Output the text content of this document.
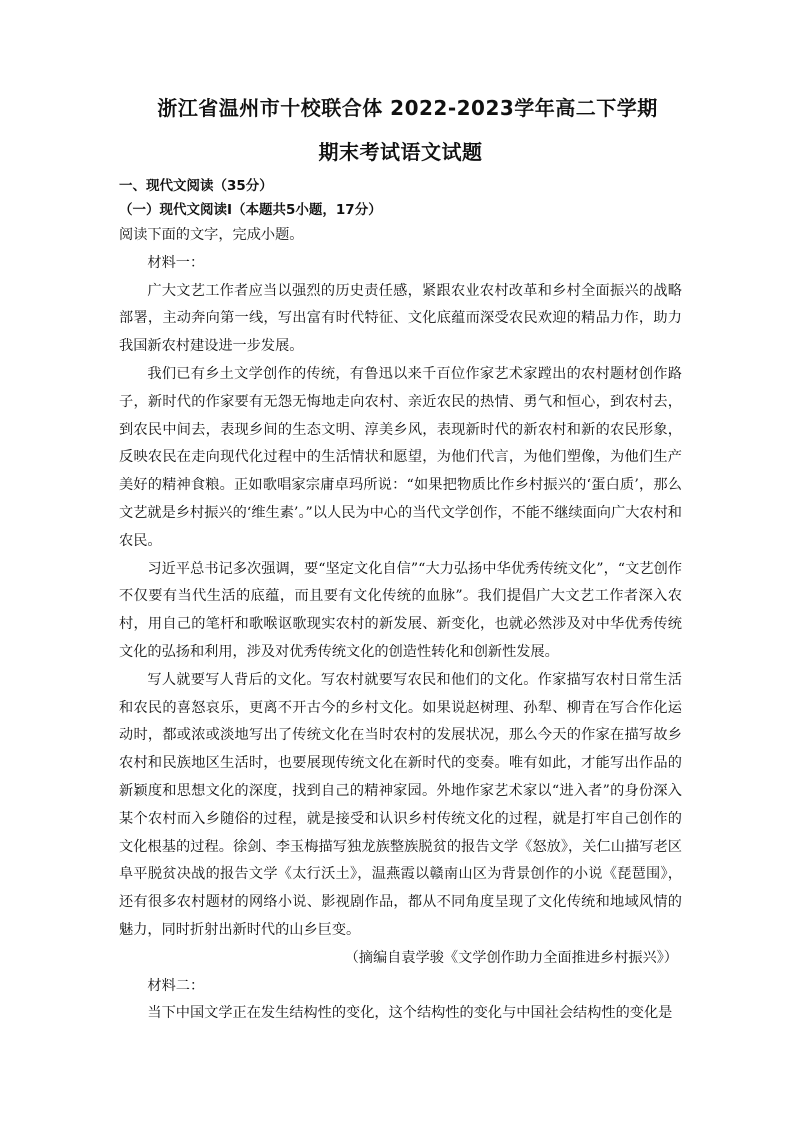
浙江省温州市十校联合体 2022-2023学年高二下学期
期末考试语文试题
一、现代文阅读（35分）
（一）现代文阅读Ⅰ（本题共5小题，17分）

阅读下面的文字，完成小题。

材料一：

广大文艺工作者应当以强烈的历史责任感，紧跟农业农村改革和乡村全面振兴的战略部署，主动奔向第一线，写出富有时代特征、文化底蕴而深受农民欢迎的精品力作，助力我国新农村建设进一步发展。

我们已有乡土文学创作的传统，有鲁迅以来千百位作家艺术家蹚出的农村题材创作路子，新时代的作家要有无怨无悔地走向农村、亲近农民的热情、勇气和恒心，到农村去，到农民中间去，表现乡间的生态文明、淳美乡风，表现新时代的新农村和新的农民形象，反映农民在走向现代化过程中的生活情状和愿望，为他们代言，为他们塑像，为他们生产美好的精神食粮。正如歌唱家宗庸卓玛所说：“如果把物质比作乡村振兴的‘蛋白质’，那么文艺就是乡村振兴的‘维生素’。”以人民为中心的当代文学创作，不能不继续面向广大农村和农民。

习近平总书记多次强调，要“坚定文化自信”“大力弘扬中华优秀传统文化”，“文艺创作不仅要有当代生活的底蕴，而且要有文化传统的血脉”。我们提倡广大文艺工作者深入农村，用自己的笔杆和歌喉讴歌现实农村的新发展、新变化，也就必然涉及对中华优秀传统文化的弘扬和利用，涉及对优秀传统文化的创造性转化和创新性发展。

写人就要写人背后的文化。写农村就要写农民和他们的文化。作家描写农村日常生活和农民的喜怒哀乐，更离不开古今的乡村文化。如果说赵树理、孙犁、柳青在写合作化运动时，都或浓或淡地写出了传统文化在当时农村的发展状况，那么今天的作家在描写故乡农村和民族地区生活时，也要展现传统文化在新时代的变奏。唯有如此，才能写出作品的新颖度和思想文化的深度，找到自己的精神家园。外地作家艺术家以“进入者”的身份深入某个农村而入乡随俗的过程，就是接受和认识乡村传统文化的过程，就是打牢自己创作的文化根基的过程。徐剑、李玉梅描写独龙族整族脱贫的报告文学《怒放》，关仁山描写老区阜平脱贫决战的报告文学《太行沃土》，温燕霞以赣南山区为背景创作的小说《琵琶围》，还有很多农村题材的网络小说、影视剧作品，都从不同角度呈现了文化传统和地域风情的魅力，同时折射出新时代的山乡巨变。

（摘编自袁学骏《文学创作助力全面推进乡村振兴》）

材料二：

当下中国文学正在发生结构性的变化，这个结构性的变化与中国社会结构性的变化是
